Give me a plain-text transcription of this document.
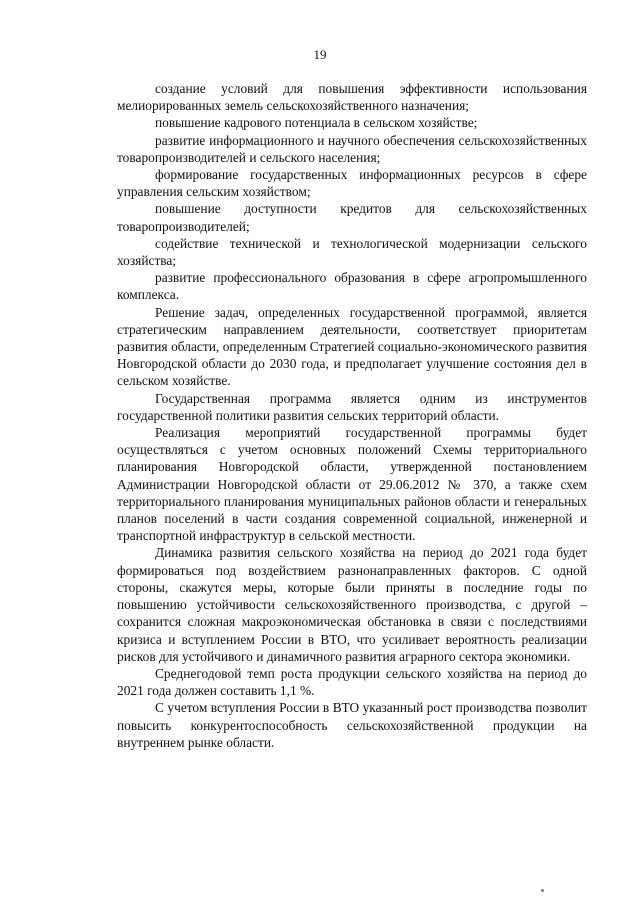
19

создание условий для повышения эффективности использования мелиорированных земель сельскохозяйственного назначения;

повышение кадрового потенциала в сельском хозяйстве;

развитие информационного и научного обеспечения сельскохозяйственных товаропроизводителей и сельского населения;

формирование государственных информационных ресурсов в сфере управления сельским хозяйством;

повышение доступности кредитов для сельскохозяйственных товаропроизводителей;

содействие технической и технологической модернизации сельского хозяйства;

развитие профессионального образования в сфере агропромышленного комплекса.

Решение задач, определенных государственной программой, является стратегическим направлением деятельности, соответствует приоритетам развития области, определенным Стратегией социально-экономического развития Новгородской области до 2030 года, и предполагает улучшение состояния дел в сельском хозяйстве.

Государственная программа является одним из инструментов государственной политики развития сельских территорий области.

Реализация мероприятий государственной программы будет осуществляться с учетом основных положений Схемы территориального планирования Новгородской области, утвержденной постановлением Администрации Новгородской области от 29.06.2012 № 370, а также схем территориального планирования муниципальных районов области и генеральных планов поселений в части создания современной социальной, инженерной и транспортной инфраструктур в сельской местности.

Динамика развития сельского хозяйства на период до 2021 года будет формироваться под воздействием разнонаправленных факторов. С одной стороны, скажутся меры, которые были приняты в последние годы по повышению устойчивости сельскохозяйственного производства, с другой – сохранится сложная макроэкономическая обстановка в связи с последствиями кризиса и вступлением России в ВТО, что усиливает вероятность реализации рисков для устойчивого и динамичного развития аграрного сектора экономики.

Среднегодовой темп роста продукции сельского хозяйства на период до 2021 года должен составить 1,1 %.

С учетом вступления России в ВТО указанный рост производства позволит повысить конкурентоспособность сельскохозяйственной продукции на внутреннем рынке области.
